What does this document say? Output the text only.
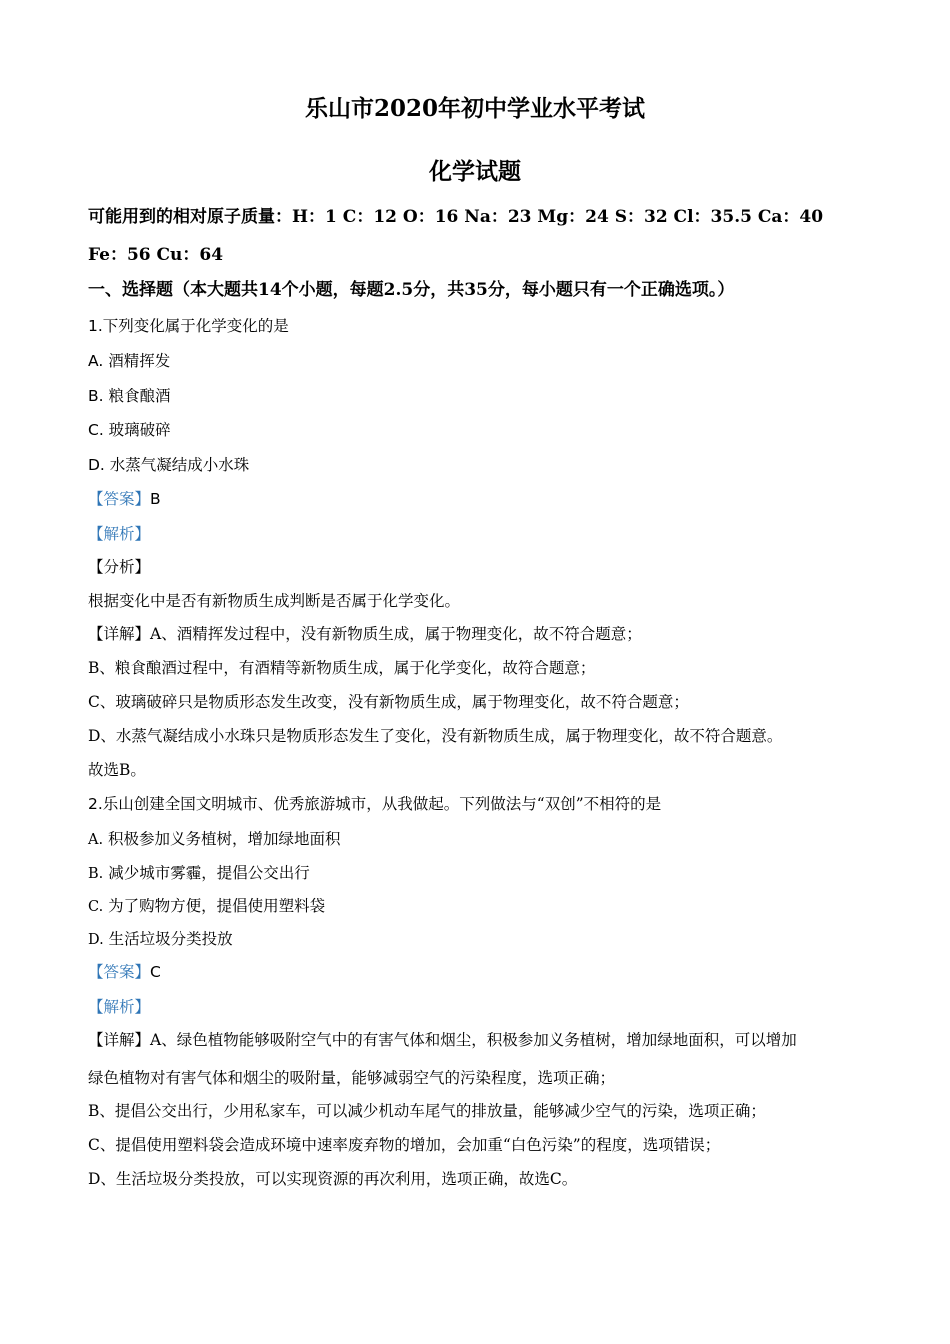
乐山市2020年初中学业水平考试
化学试题
可能用到的相对原子质量：H：1 C：12 O：16 Na：23 Mg：24 S：32 Cl：35.5 Ca：40
Fe：56 Cu：64
一、选择题（本大题共14个小题，每题2.5分，共35分，每小题只有一个正确选项。）
1.下列变化属于化学变化的是
A. 酒精挥发
B. 粮食酿酒
C. 玻璃破碎
D. 水蒸气凝结成小水珠
【答案】B
【解析】
【分析】
根据变化中是否有新物质生成判断是否属于化学变化。
【详解】A、酒精挥发过程中，没有新物质生成，属于物理变化，故不符合题意；
B、粮食酿酒过程中，有酒精等新物质生成，属于化学变化，故符合题意；
C、玻璃破碎只是物质形态发生改变，没有新物质生成，属于物理变化，故不符合题意；
D、水蒸气凝结成小水珠只是物质形态发生了变化，没有新物质生成，属于物理变化，故不符合题意。
故选B。
2.乐山创建全国文明城市、优秀旅游城市，从我做起。下列做法与“双创”不相符的是
A. 积极参加义务植树，增加绿地面积
B. 减少城市雾霾，提倡公交出行
C. 为了购物方便，提倡使用塑料袋
D. 生活垃圾分类投放
【答案】C
【解析】
【详解】A、绿色植物能够吸附空气中的有害气体和烟尘，积极参加义务植树，增加绿地面积，可以增加
绿色植物对有害气体和烟尘的吸附量，能够减弱空气的污染程度，选项正确；
B、提倡公交出行，少用私家车，可以减少机动车尾气的排放量，能够减少空气的污染，选项正确；
C、提倡使用塑料袋会造成环境中速率废弃物的增加，会加重“白色污染”的程度，选项错误；
D、生活垃圾分类投放，可以实现资源的再次利用，选项正确，故选C。
